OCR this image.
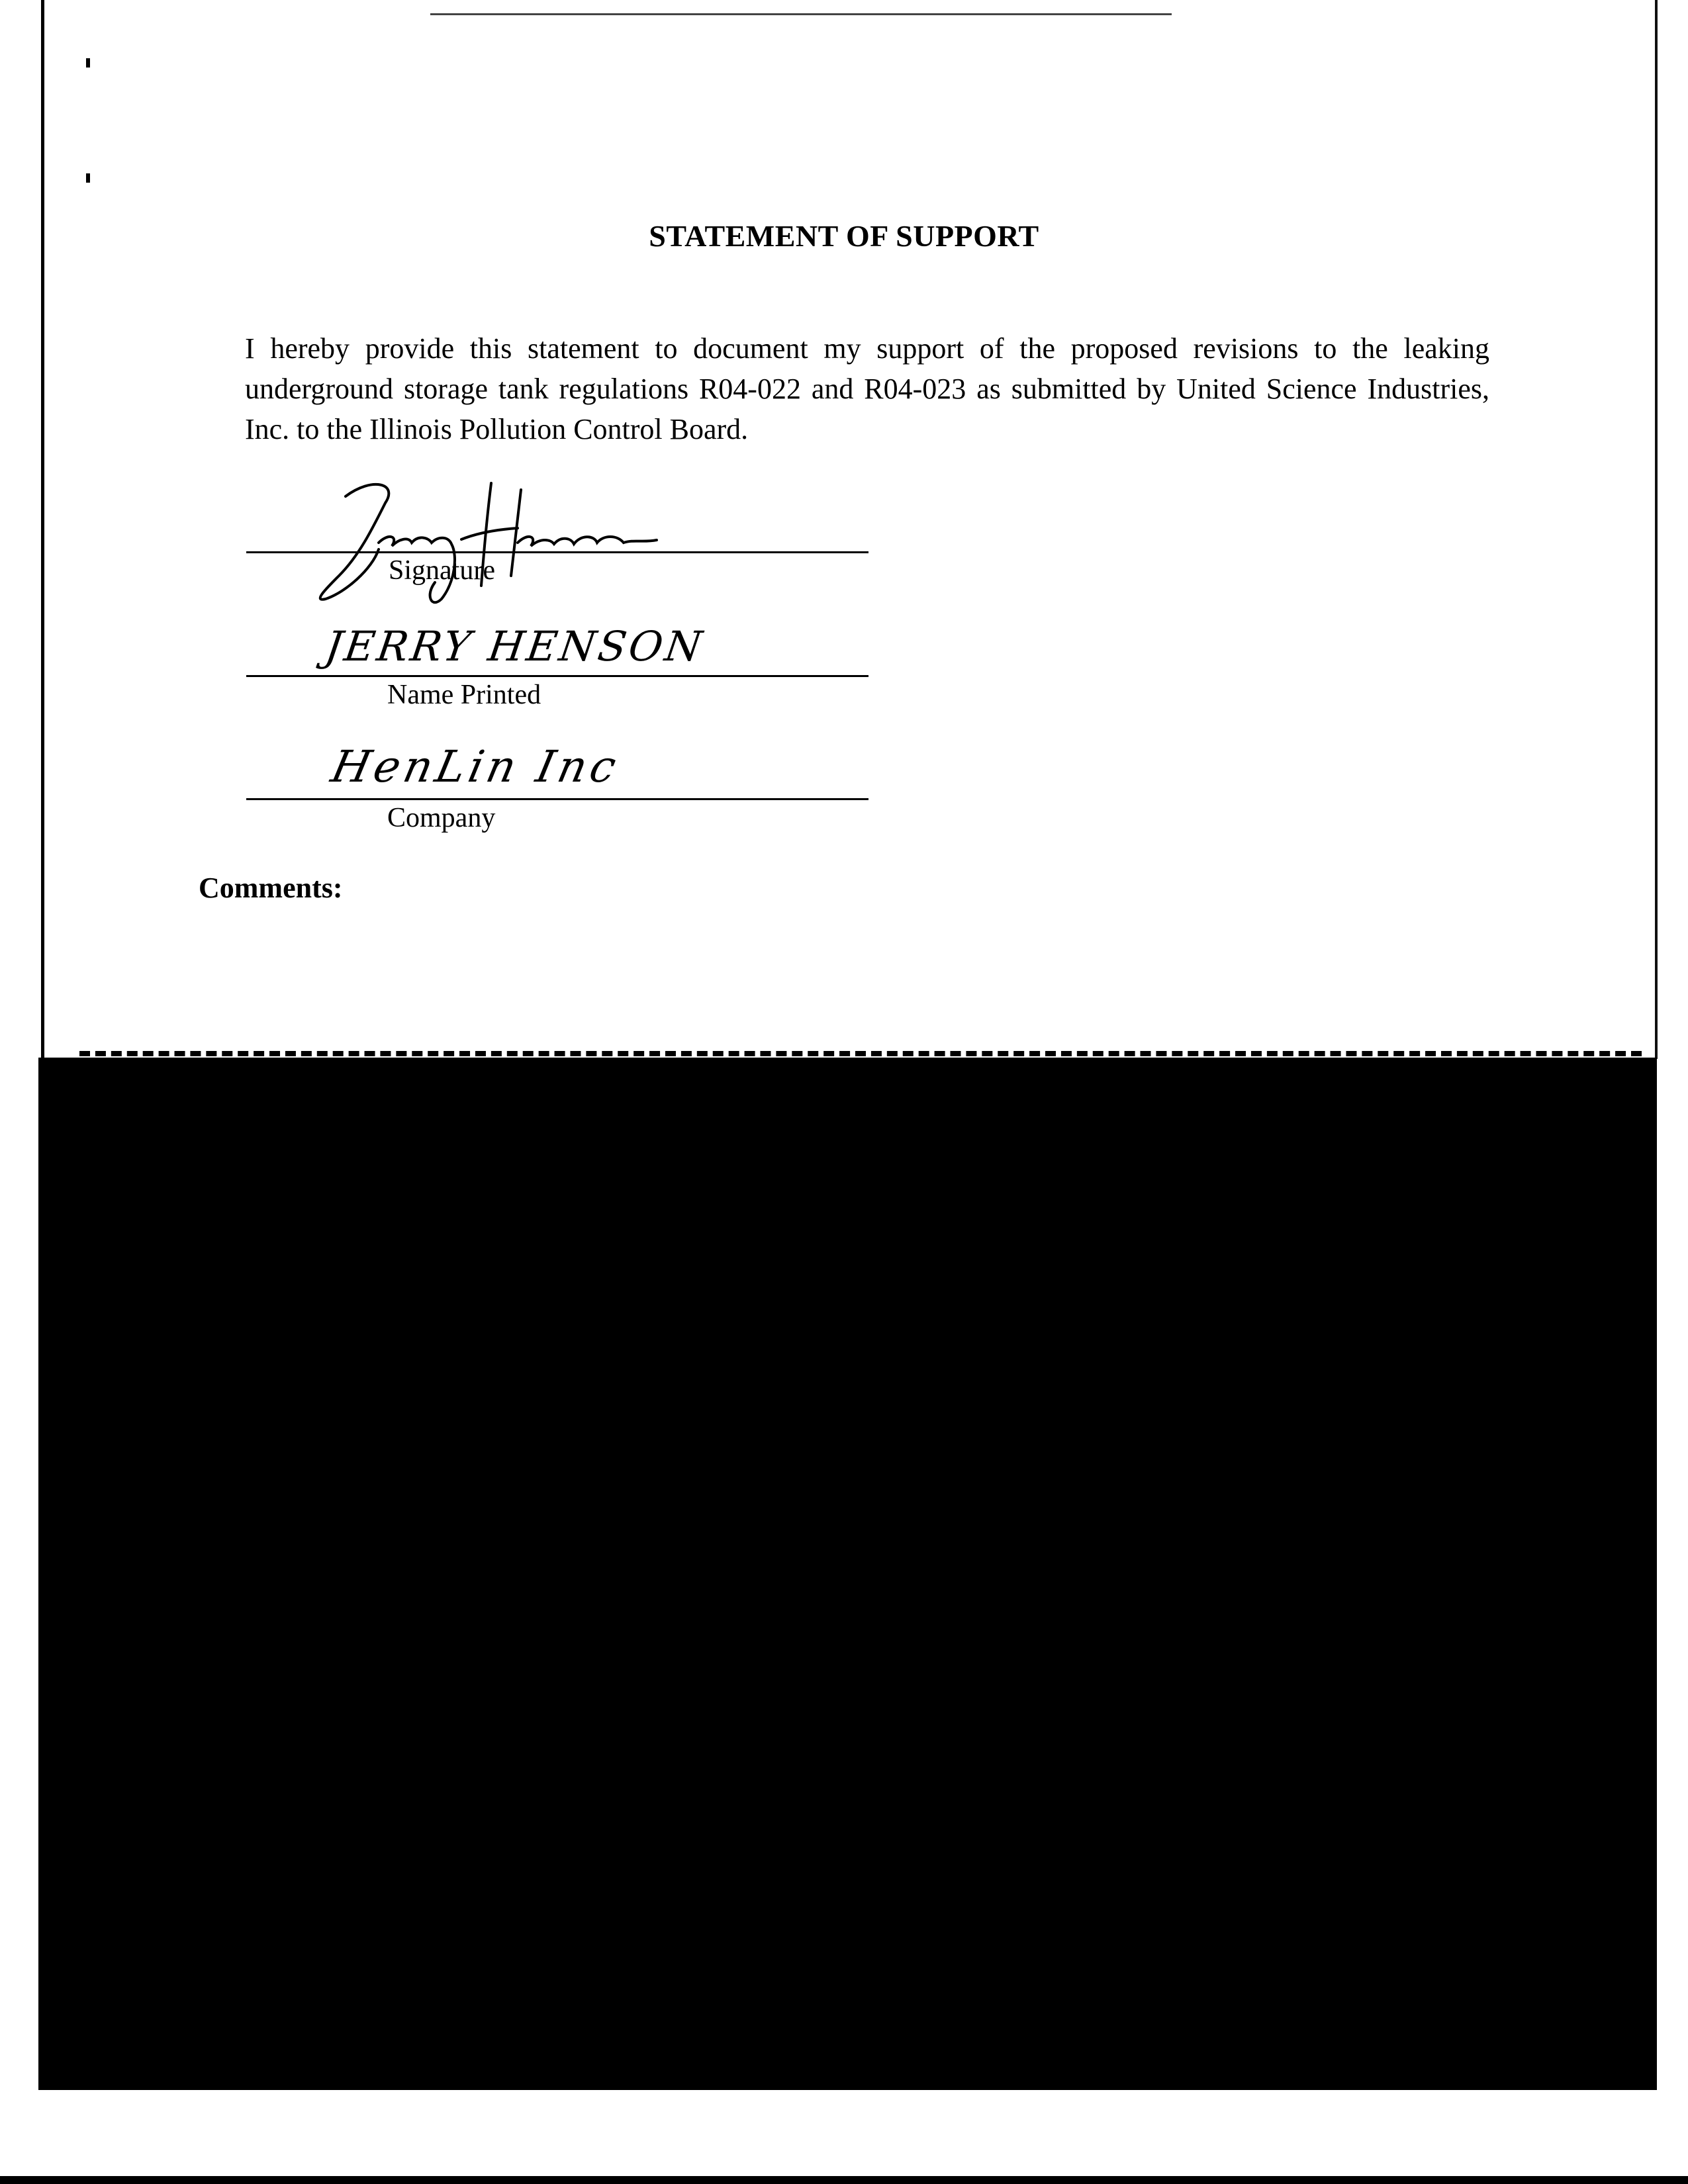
STATEMENT OF SUPPORT
I hereby provide this statement to document my support of the proposed revisions to the leaking underground storage tank regulations R04-022 and R04-023 as submitted by United Science Industries, Inc. to the Illinois Pollution Control Board.
Jerry Henson
Signature
JERRY HENSON
Name Printed
HenLin Inc
Company
Comments:
